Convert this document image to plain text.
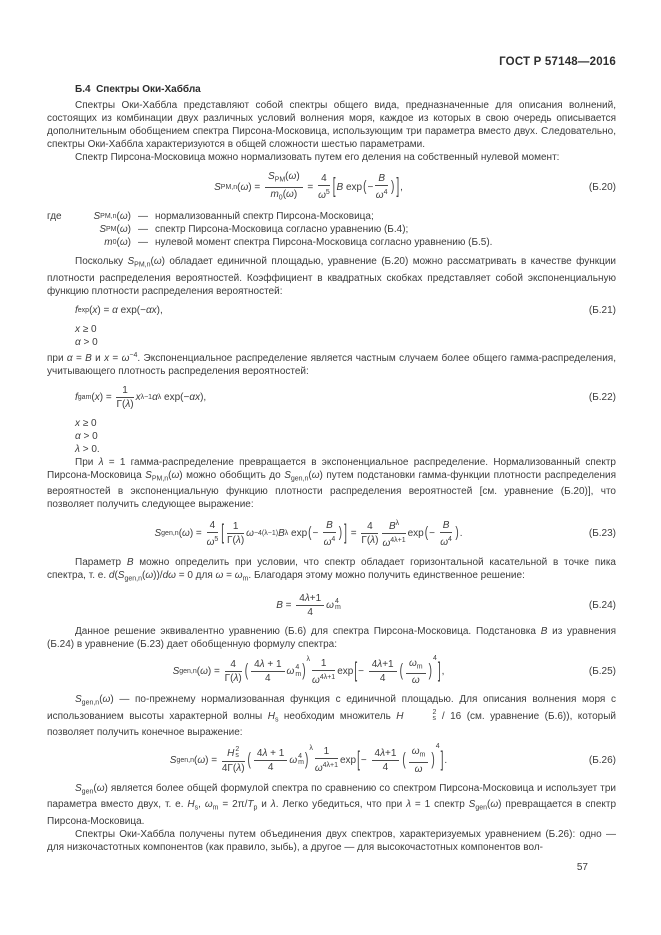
ГОСТ Р 57148—2016
Б.4  Спектры Оки-Хаббла
Спектры Оки-Хаббла представляют собой спектры общего вида, предназначенные для описания волнений, состоящих из комбинации двух различных условий волнения моря, каждое из которых в свою очередь описывается дополнительным обобщением спектра Пирсона-Московица, использующим три параметра вместо двух. Следовательно, спектры Оки-Хаббла характеризуются в общей сложности шестью параметрами.
Спектр Пирсона-Московица можно нормализовать путем его деления на собственный нулевой момент:
S PM,n ( ω ) = $\frac{S_{PM}(\omega)}{m_0(\omega)} = \frac{4}{\omega^5}$ [ B exp ( − $\frac{B}{\omega^4}$ ) ] ,	(Б.20)
где	S PM,n ( ω ) — нормализованный спектр Пирсона-Московица;
S PM ( ω ) — спектр Пирсона-Московица согласно уравнению (Б.4);
m 0 ( ω ) — нулевой момент спектра Пирсона-Московица согласно уравнению (Б.5).
Поскольку $S_{PM,n}(\omega)$ обладает единичной площадью, уравнение (Б.20) можно рассматривать в качестве функции плотности распределения вероятностей. Коэффициент в квадратных скобках представляет собой экспоненциальную функцию плотности распределения вероятностей:
f exp ( x ) = α exp(− αx ),	(Б.21)
x ≥ 0
α > 0
при α = B и $x = \omega^{-4}$. Экспоненциальное распределение является частным случаем более общего гамма-распределения, учитывающего плотность распределения вероятностей:
f gam ( x ) = $\frac{1}{\Gamma(\lambda)}$ x λ−1 α λ exp(− αx ),	(Б.22)
x ≥ 0
α > 0
λ > 0.
При λ = 1 гамма-распределение превращается в экспоненциальное распределение. Нормализованный спектр Пирсона-Московица $S_{PM,n}(\omega)$ можно обобщить до $S_{gen,n}(\omega)$ путем подстановки гамма-функции плотности распределения вероятностей в экспоненциальную функцию плотности распределения вероятностей [см. уравнение (Б.20)], что позволяет получить следующее выражение:
S gen,n ( ω ) = $\frac{4}{\omega^5}$ [ $\frac{1}{\Gamma(\lambda)}$ ω −4(λ−1) B λ exp ( − $\frac{B}{\omega^4}$ ) ] = $\frac{4}{\Gamma(\lambda)} \frac{B^\lambda}{\omega^{4\lambda+1}}$ exp ( − $\frac{B}{\omega^4}$ ) .	(Б.23)
Параметр B можно определить при условии, что спектр обладает горизонтальной касательной в точке пика спектра, т. е. $d(S_{gen,n}(\omega))/d\omega = 0$ для $\omega = \omega_m$. Благодаря этому можно получить единственное решение:
$B = \frac{4\lambda+1}{4}$ ω 4
m	(Б.24)
Данное решение эквивалентно уравнению (Б.6) для спектра Пирсона-Московица. Подстановка B из уравнения (Б.24) в уравнение (Б.23) дает обобщенную формулу спектра:
S gen,n ( ω ) = $\frac{4}{\Gamma(\lambda)}$ ( $\frac{4\lambda + 1}{4}$ ω 4
m )
λ $\frac{1}{\omega^{4\lambda+1}}$ exp [ − $\frac{4\lambda+1}{4}$ ( $\frac{\omega_m}{\omega}$ )
4
] ,	(Б.25)
$S_{gen,n}(\omega)$ — по-прежнему нормализованная функция с единичной площадью. Для описания волнения моря с использованием высоты характерной волны $H_s$ необходим множитель H	2
s / 16 (см. уравнение (Б.6)), который позволяет получить конечное выражение:
S gen,n ( ω ) = H 2
s
4Γ(λ) ( $\frac{4\lambda + 1}{4}$ ω 4
m )
λ $\frac{1}{\omega^{4\lambda+1}}$ exp [ − $\frac{4\lambda+1}{4}$ ( $\frac{\omega_m}{\omega}$ )
4
] .	(Б.26)
$S_{gen}(\omega)$ является более общей формулой спектра по сравнению со спектром Пирсона-Московица и использует три параметра вместо двух, т. е. $H_s$, $\omega_m = 2\pi/T_p$ и λ. Легко убедиться, что при λ = 1 спектр $S_{gen}(\omega)$ превращается в спектр Пирсона-Московица.
Спектры Оки-Хаббла получены путем объединения двух спектров, характеризуемых уравнением (Б.26): одно — для низкочастотных компонентов (как правило, зыбь), а другое — для высокочастотных компонентов вол-
57
